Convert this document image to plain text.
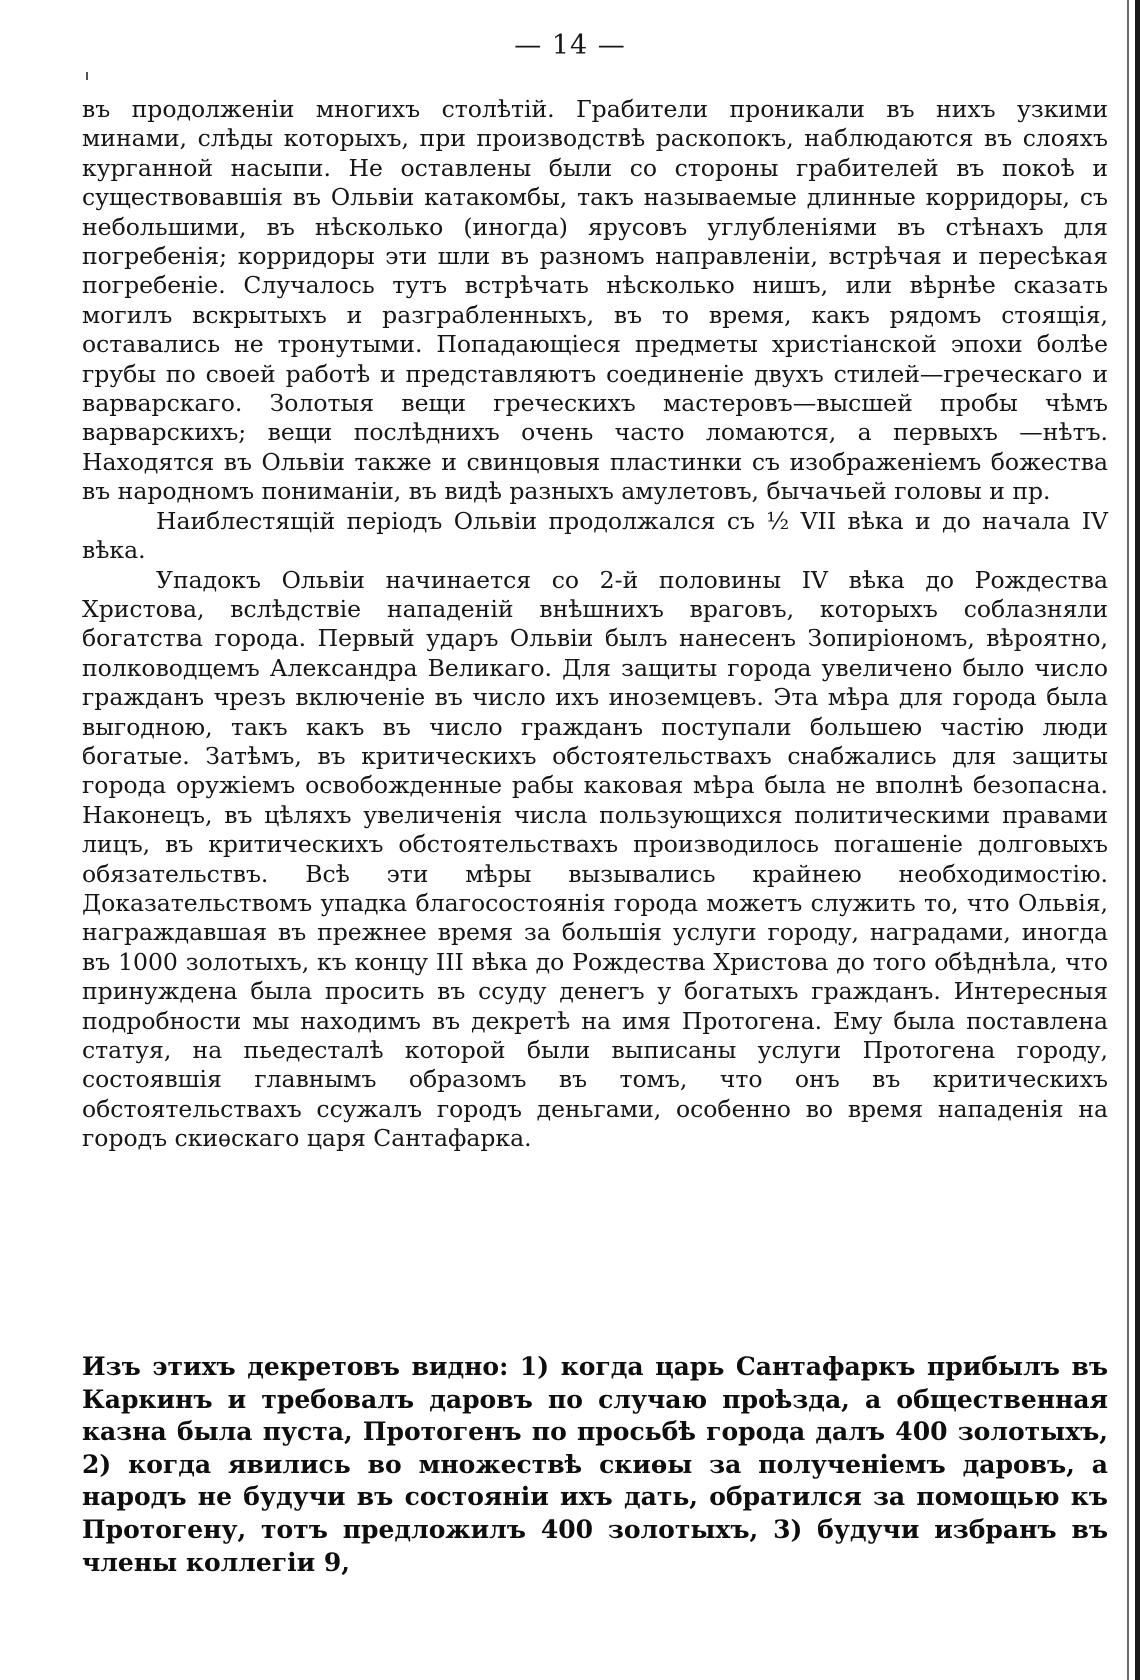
— 14 —

въ продолженіи многихъ столѣтій. Грабители проникали въ нихъ узкими минами, слѣды которыхъ, при производствѣ раскопокъ, наблюдаются въ слояхъ курганной насыпи. Не оставлены были со стороны грабителей въ покоѣ и существовавшія въ Ольвіи катакомбы, такъ называемые длинные корридоры, съ небольшими, въ нѣсколько (иногда) ярусовъ углубленіями въ стѣнахъ для погребенія; корридоры эти шли въ разномъ направленіи, встрѣчая и пересѣкая погребеніе. Случалось тутъ встрѣчать нѣсколько нишъ, или вѣрнѣе сказать могилъ вскрытыхъ и разграбленныхъ, въ то время, какъ рядомъ стоящія, оставались не тронутыми. Попадающіеся предметы христіанской эпохи болѣе грубы по своей работѣ и представляютъ соединеніе двухъ стилей—греческаго и варварскаго. Золотыя вещи греческихъ мастеровъ—высшей пробы чѣмъ варварскихъ; вещи послѣднихъ очень часто ломаются, а первыхъ —нѣтъ. Находятся въ Ольвіи также и свинцовыя пластинки съ изображеніемъ божества въ народномъ пониманіи, въ видѣ разныхъ амулетовъ, бычачьей головы и пр.

Наиблестящій періодъ Ольвіи продолжался съ ½ VII вѣка и до начала IV вѣка.

Упадокъ Ольвіи начинается со 2-й половины IV вѣка до Рождества Христова, вслѣдствіе нападеній внѣшнихъ враговъ, которыхъ соблазняли богатства города. Первый ударъ Ольвіи былъ нанесенъ Зопиріономъ, вѣроятно, полководцемъ Александра Великаго. Для защиты города увеличено было число гражданъ чрезъ включеніе въ число ихъ иноземцевъ. Эта мѣра для города была выгодною, такъ какъ въ число гражданъ поступали большею частію люди богатые. Затѣмъ, въ критическихъ обстоятельствахъ снабжались для защиты города оружіемъ освобожденные рабы каковая мѣра была не вполнѣ безопасна. Наконецъ, въ цѣляхъ увеличенія числа пользующихся политическими правами лицъ, въ критическихъ обстоятельствахъ производилось погашеніе долговыхъ обязательствъ. Всѣ эти мѣры вызывались крайнею необходимостію. Доказательствомъ упадка благосостоянія города можетъ служить то, что Ольвія, награждавшая въ прежнее время за большія услуги городу, наградами, иногда въ 1000 золотыхъ, къ концу III вѣка до Рождества Христова до того обѣднѣла, что принуждена была просить въ ссуду денегъ у богатыхъ гражданъ. Интересныя подробности мы находимъ въ декретѣ на имя Протогена. Ему была поставлена статуя, на пьедесталѣ которой были выписаны услуги Протогена городу, состоявшія главнымъ образомъ въ томъ, что онъ въ критическихъ обстоятельствахъ ссужалъ городъ деньгами, особенно во время нападенія на городъ скиѳскаго царя Сантафарка.

Изъ этихъ декретовъ видно: 1) когда царь Сантафаркъ прибылъ въ Каркинъ и требовалъ даровъ по случаю проѣзда, а общественная казна была пуста, Протогенъ по просьбѣ города далъ 400 золотыхъ, 2) когда явились во множествѣ скиѳы за полученіемъ даровъ, а народъ не будучи въ состояніи ихъ дать, обратился за помощью къ Протогену, тотъ предложилъ 400 золотыхъ, 3) будучи избранъ въ члены коллегіи 9,
